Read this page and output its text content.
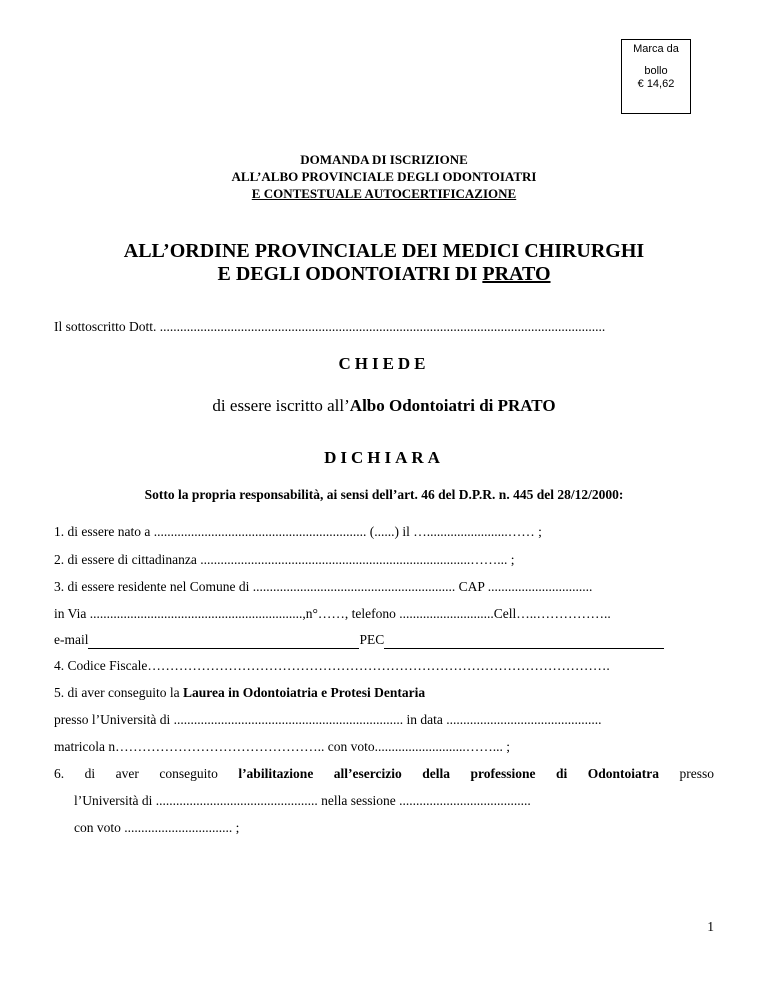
Marca da
bollo
€ 14,62
DOMANDA DI ISCRIZIONE
ALL’ALBO PROVINCIALE DEGLI ODONTOIATRI
E CONTESTUALE AUTOCERTIFICAZIONE
ALL’ORDINE PROVINCIALE DEI MEDICI CHIRURGHI
E DEGLI ODONTOIATRI DI PRATO
Il sottoscritto Dott. ....................................................................................................................................
CHIEDE
di essere iscritto all’Albo Odontoiatri di PRATO
DICHIARA
Sotto la propria responsabilità, ai sensi dell’art. 46 del D.P.R. n. 445 del 28/12/2000:
1. di essere nato a ............................................................... (......) il …........................…… ;
2. di essere di cittadinanza ................................................................................……... ;
3. di essere residente nel Comune di ............................................................ CAP ...............................
in Via ...............................................................,n°……, telefono ............................Cell…..……………..
e-mail	PEC
4. Codice Fiscale………………………………………………………………………………………….
5. di aver conseguito la Laurea in Odontoiatria e Protesi Dentaria
presso l’Università di .................................................................... in data ..............................................
matricola n……………………………………….. con voto...........................……... ;
6. di aver conseguito l’abilitazione all’esercizio della professione di Odontoiatra presso
l’Università di ................................................ nella sessione .......................................
con voto ................................ ;
1
